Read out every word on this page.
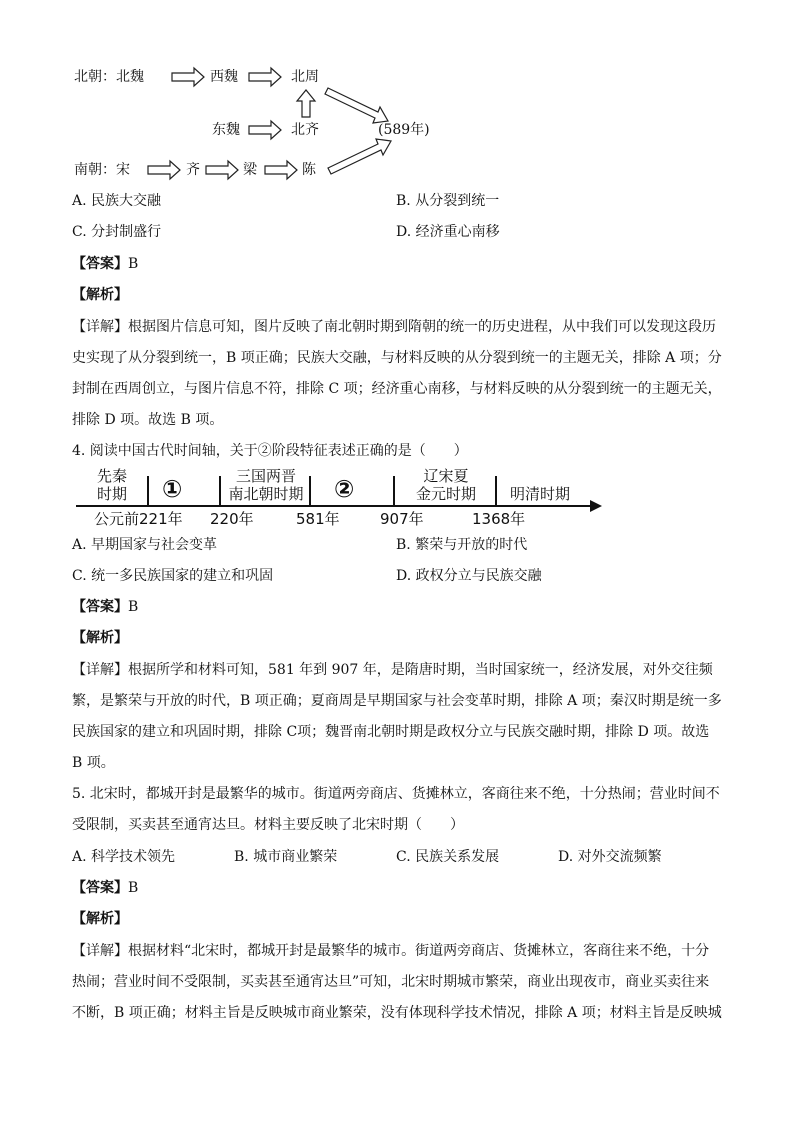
北朝：北魏	西魏	北周
东魏	北齐	(589年)
南朝：宋	齐	梁	陈
A. 民族大交融	B. 从分裂到统一
C. 分封制盛行	D. 经济重心南移
【答案】B
【解析】
【详解】根据图片信息可知，图片反映了南北朝时期到隋朝的统一的历史进程，从中我们可以发现这段历
史实现了从分裂到统一，B 项正确；民族大交融，与材料反映的从分裂到统一的主题无关，排除 A 项；分
封制在西周创立，与图片信息不符，排除 C 项；经济重心南移，与材料反映的从分裂到统一的主题无关，
排除 D 项。故选 B 项。
4. 阅读中国古代时间轴，关于②阶段特征表述正确的是（　　）
先秦
时期	①	三国两晋
南北朝时期 ②	辽宋夏
金元时期	明清时期
公元前221年 220年	581年	907年	1368年
A. 早期国家与社会变革	B. 繁荣与开放的时代
C. 统一多民族国家的建立和巩固	D. 政权分立与民族交融
【答案】B
【解析】
【详解】根据所学和材料可知，581 年到 907 年，是隋唐时期，当时国家统一，经济发展，对外交往频
繁，是繁荣与开放的时代，B 项正确；夏商周是早期国家与社会变革时期，排除 A 项；秦汉时期是统一多
民族国家的建立和巩固时期，排除 C项；魏晋南北朝时期是政权分立与民族交融时期，排除 D 项。故选
B 项。
5. 北宋时，都城开封是最繁华的城市。街道两旁商店、货摊林立，客商往来不绝，十分热闹；营业时间不
受限制，买卖甚至通宵达旦。材料主要反映了北宋时期（　　）
A. 科学技术领先	B. 城市商业繁荣	C. 民族关系发展	D. 对外交流频繁
【答案】B
【解析】
【详解】根据材料“北宋时，都城开封是最繁华的城市。街道两旁商店、货摊林立，客商往来不绝，十分
热闹；营业时间不受限制，买卖甚至通宵达旦”可知，北宋时期城市繁荣，商业出现夜市，商业买卖往来
不断，B 项正确；材料主旨是反映城市商业繁荣，没有体现科学技术情况，排除 A 项；材料主旨是反映城
